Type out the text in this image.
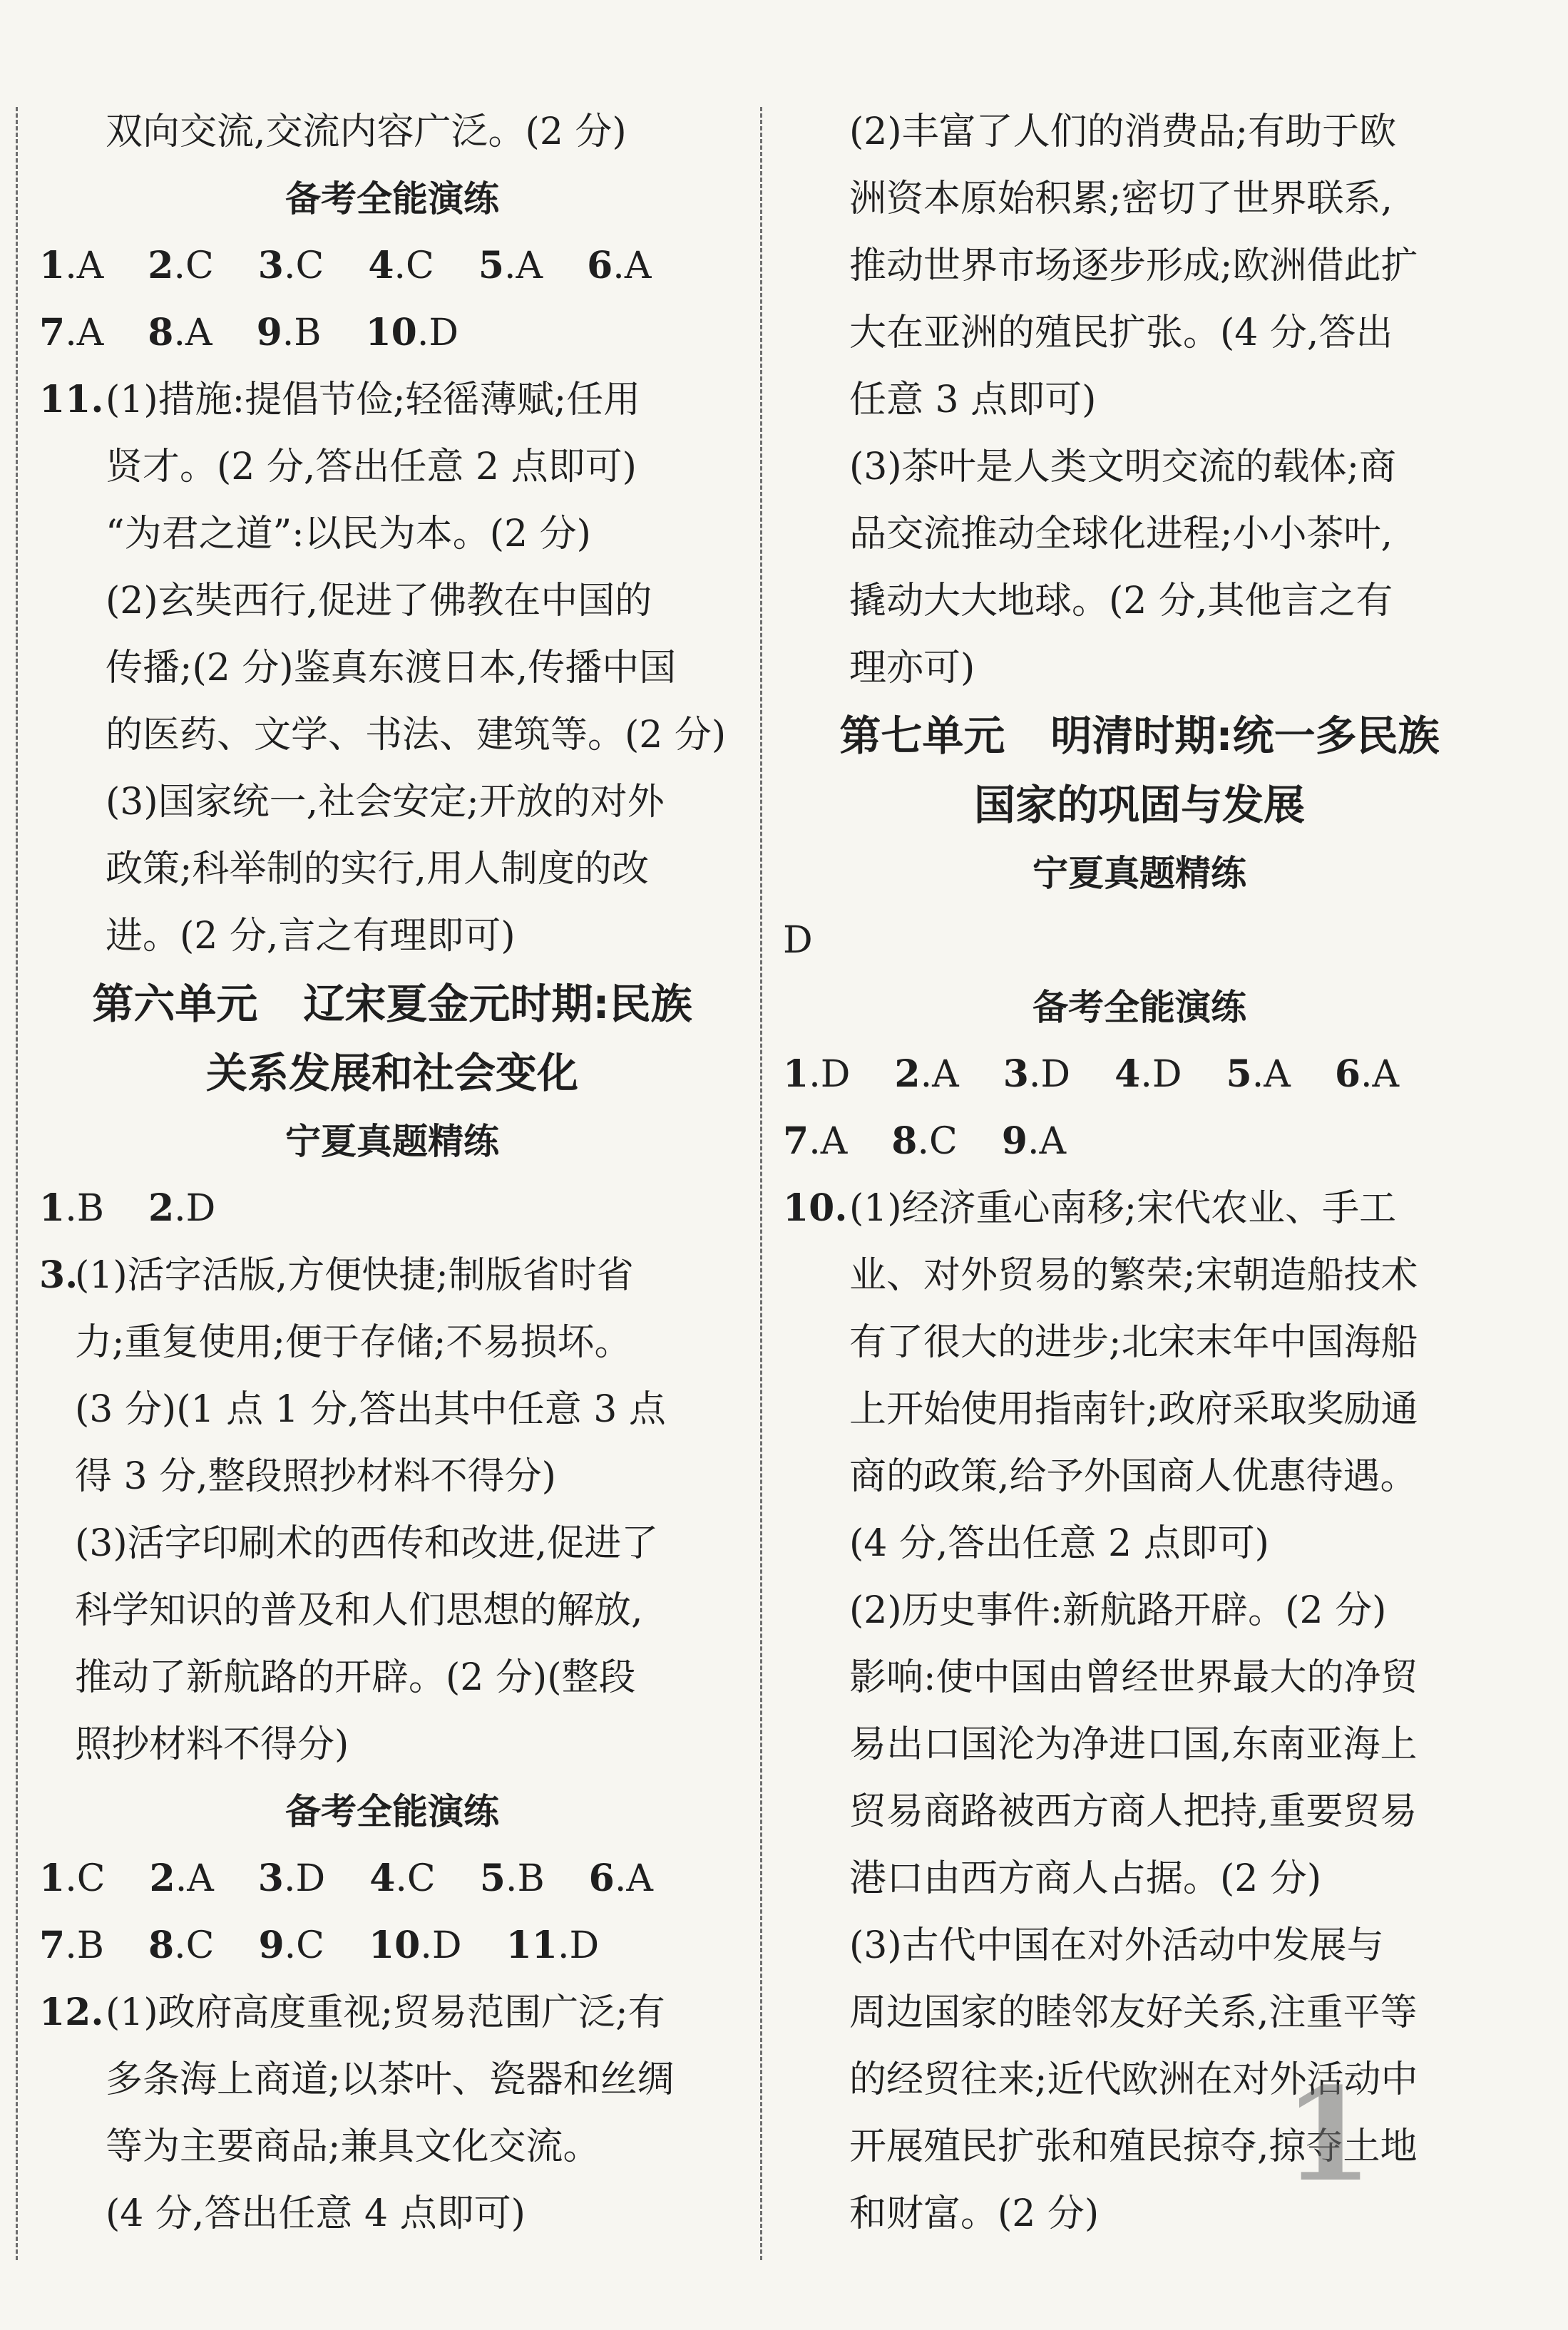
双向交流,交流内容广泛。(2 分)
备考全能演练
1.A 2.C 3.C 4.C 5.A 6.A
7.A 8.A 9.B 10.D
11.(1)措施:提倡节俭;轻徭薄赋;任用
贤才。(2 分,答出任意 2 点即可)
“为君之道”:以民为本。(2 分)
(2)玄奘西行,促进了佛教在中国的
传播;(2 分)鉴真东渡日本,传播中国
的医药、文学、书法、建筑等。(2 分)
(3)国家统一,社会安定;开放的对外
政策;科举制的实行,用人制度的改
进。(2 分,言之有理即可)
第六单元 辽宋夏金元时期:民族
关系发展和社会变化
宁夏真题精练
1.B 2.D
3.(1)活字活版,方便快捷;制版省时省
力;重复使用;便于存储;不易损坏。
(3 分)(1 点 1 分,答出其中任意 3 点
得 3 分,整段照抄材料不得分)
(3)活字印刷术的西传和改进,促进了
科学知识的普及和人们思想的解放,
推动了新航路的开辟。(2 分)(整段
照抄材料不得分)
备考全能演练
1.C 2.A 3.D 4.C 5.B 6.A
7.B 8.C 9.C 10.D 11.D
12.(1)政府高度重视;贸易范围广泛;有
多条海上商道;以茶叶、瓷器和丝绸
等为主要商品;兼具文化交流。
(4 分,答出任意 4 点即可)
(2)丰富了人们的消费品;有助于欧
洲资本原始积累;密切了世界联系,
推动世界市场逐步形成;欧洲借此扩
大在亚洲的殖民扩张。(4 分,答出
任意 3 点即可)
(3)茶叶是人类文明交流的载体;商
品交流推动全球化进程;小小茶叶,
撬动大大地球。(2 分,其他言之有
理亦可)
第七单元 明清时期:统一多民族
国家的巩固与发展
宁夏真题精练
D
备考全能演练
1.D 2.A 3.D 4.D 5.A 6.A
7.A 8.C 9.A
10.(1)经济重心南移;宋代农业、手工
业、对外贸易的繁荣;宋朝造船技术
有了很大的进步;北宋末年中国海船
上开始使用指南针;政府采取奖励通
商的政策,给予外国商人优惠待遇。
(4 分,答出任意 2 点即可)
(2)历史事件:新航路开辟。(2 分)
影响:使中国由曾经世界最大的净贸
易出口国沦为净进口国,东南亚海上
贸易商路被西方商人把持,重要贸易
港口由西方商人占据。(2 分)
(3)古代中国在对外活动中发展与
周边国家的睦邻友好关系,注重平等
的经贸往来;近代欧洲在对外活动中
开展殖民扩张和殖民掠夺,掠夺土地
和财富。(2 分)
1
